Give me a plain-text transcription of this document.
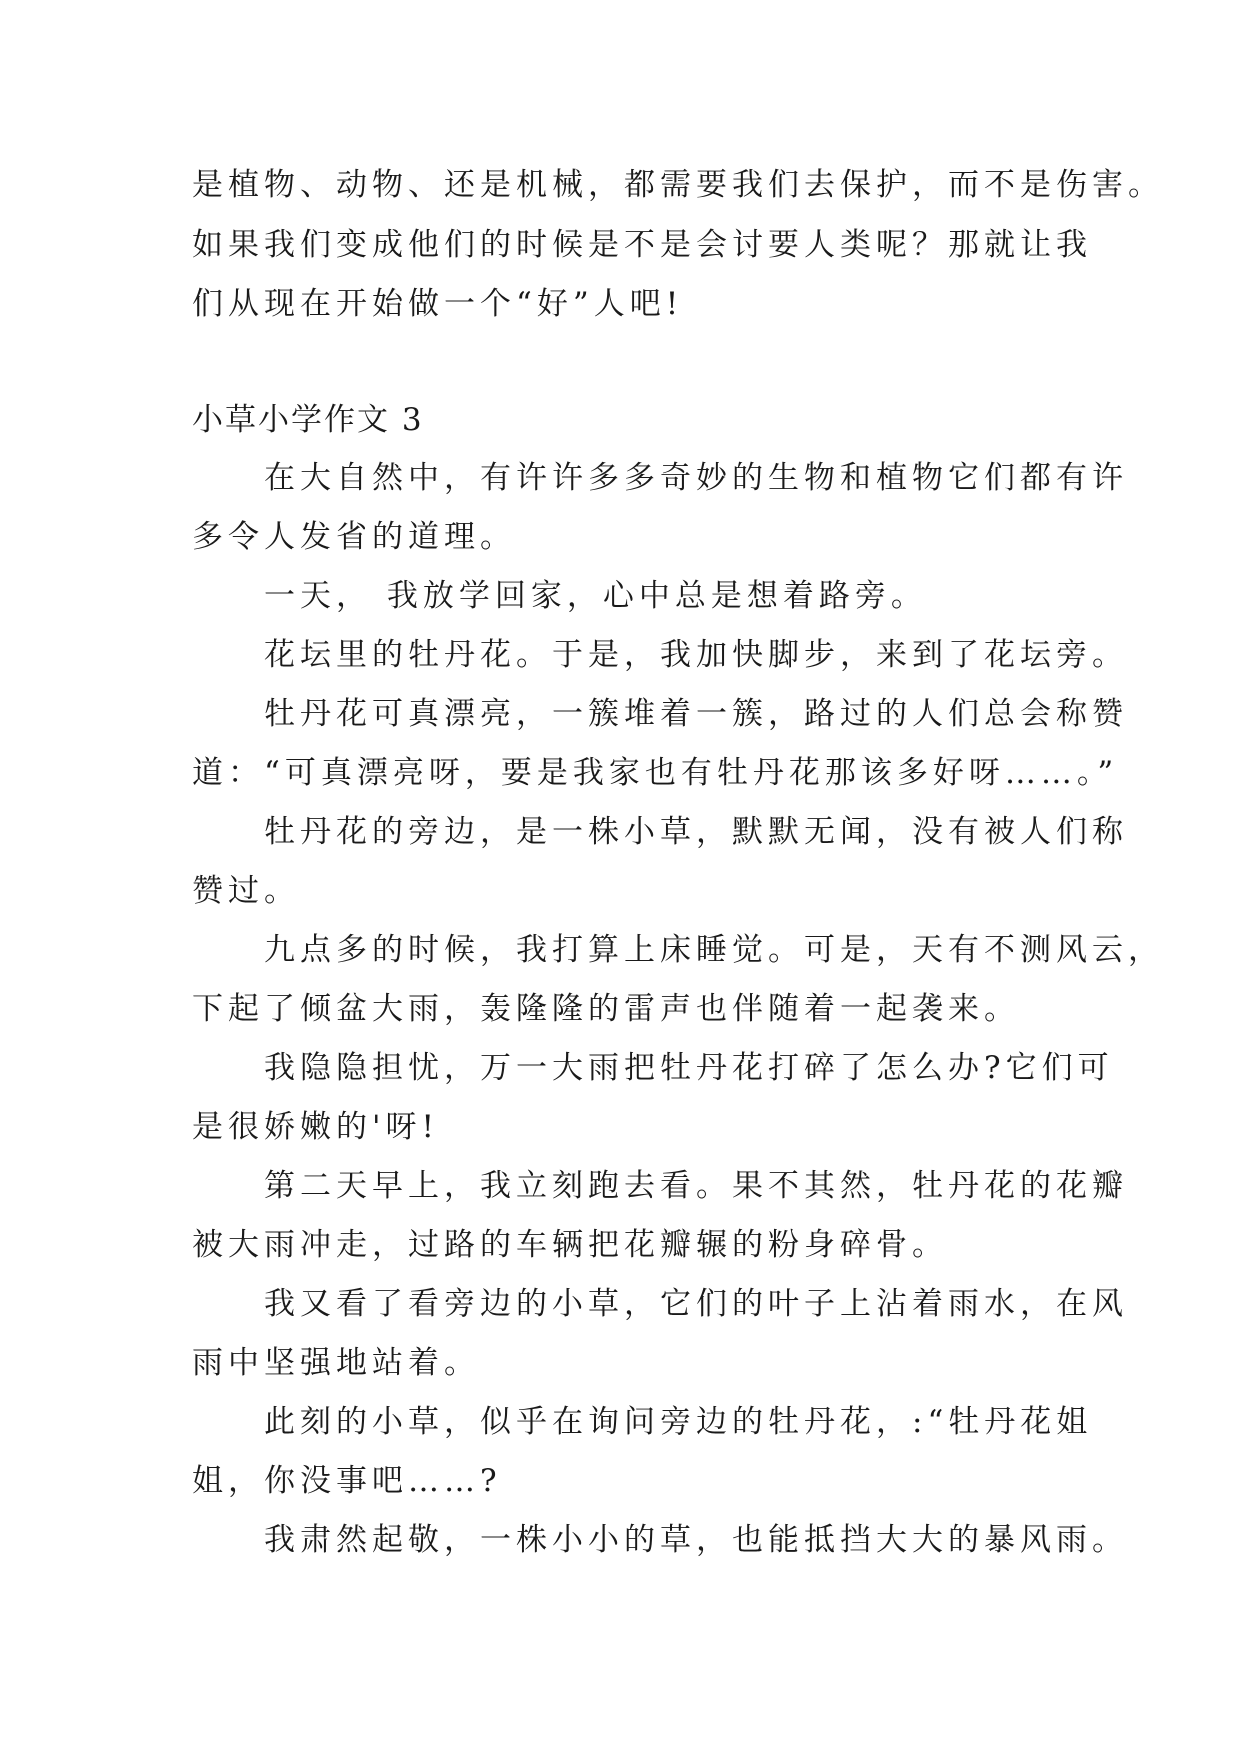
是植物、动物、还是机械，都需要我们去保护，而不是伤害。
如果我们变成他们的时候是不是会讨要人类呢？那就让我
们从现在开始做一个“好”人吧!
小草小学作文 3
　　在大自然中，有许许多多奇妙的生物和植物它们都有许
多令人发省的道理。
　　一天， 我放学回家，心中总是想着路旁。
　　花坛里的牡丹花。于是，我加快脚步，来到了花坛旁。
　　牡丹花可真漂亮，一簇堆着一簇，路过的人们总会称赞
道：“可真漂亮呀，要是我家也有牡丹花那该多好呀……。”
　　牡丹花的旁边，是一株小草，默默无闻，没有被人们称
赞过。
　　九点多的时候，我打算上床睡觉。可是，天有不测风云，
下起了倾盆大雨，轰隆隆的雷声也伴随着一起袭来。
　　我隐隐担忧，万一大雨把牡丹花打碎了怎么办?它们可
是很娇嫩的'呀!
　　第二天早上，我立刻跑去看。果不其然，牡丹花的花瓣
被大雨冲走，过路的车辆把花瓣辗的粉身碎骨。
　　我又看了看旁边的小草，它们的叶子上沾着雨水，在风
雨中坚强地站着。
　　此刻的小草，似乎在询问旁边的牡丹花，:“牡丹花姐
姐，你没事吧……?
　　我肃然起敬，一株小小的草，也能抵挡大大的暴风雨。
